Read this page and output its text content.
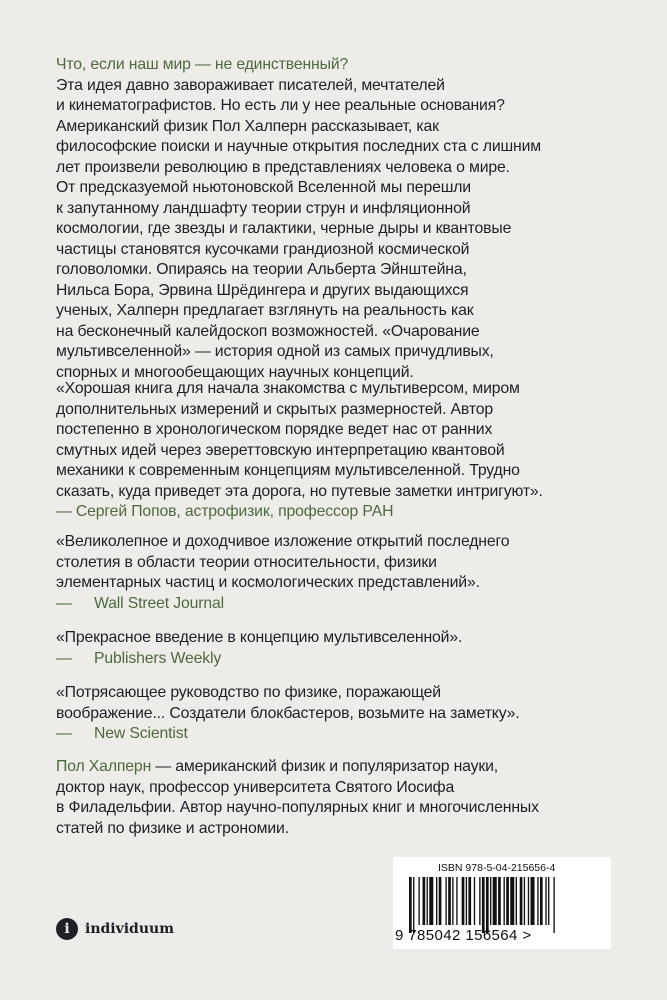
Что, если наш мир — не единственный?

Эта идея давно завораживает писателей, мечтателей

и кинематографистов. Но есть ли у нее реальные основания?

Американский физик Пол Халперн рассказывает, как

философские поиски и научные открытия последних ста с лишним

лет произвели революцию в представлениях человека о мире.

От предсказуемой ньютоновской Вселенной мы перешли

к запутанному ландшафту теории струн и инфляционной

космологии, где звезды и галактики, черные дыры и квантовые

частицы становятся кусочками грандиозной космической

головоломки. Опираясь на теории Альберта Эйнштейна,

Нильса Бора, Эрвина Шрёдингера и других выдающихся

ученых, Халперн предлагает взглянуть на реальность как

на бесконечный калейдоскоп возможностей. «Очарование

мультивселенной» — история одной из самых причудливых,

спорных и многообещающих научных концепций.

«Хорошая книга для начала знакомства с мультиверсом, миром

дополнительных измерений и скрытых размерностей. Автор

постепенно в хронологическом порядке ведет нас от ранних

смутных идей через эвереттовскую интерпретацию квантовой

механики к современным концепциям мультивселенной. Трудно

сказать, куда приведет эта дорога, но путевые заметки интригуют».

— Сергей Попов, астрофизик, профессор РАН

«Великолепное и доходчивое изложение открытий последнего

столетия в области теории относительности, физики

элементарных частиц и космологических представлений».

— Wall Street Journal

«Прекрасное введение в концепцию мультивселенной».

— Publishers Weekly

«Потрясающее руководство по физике, поражающей

воображение... Создатели блокбастеров, возьмите на заметку».

— New Scientist

Пол Халперн — американский физик и популяризатор науки,

доктор наук, профессор университета Святого Иосифа

в Филадельфии. Автор научно-популярных книг и многочисленных

статей по физике и астрономии.

i	individuum
ISBN 978-5-04-215656-4
9 785042 156564 >
